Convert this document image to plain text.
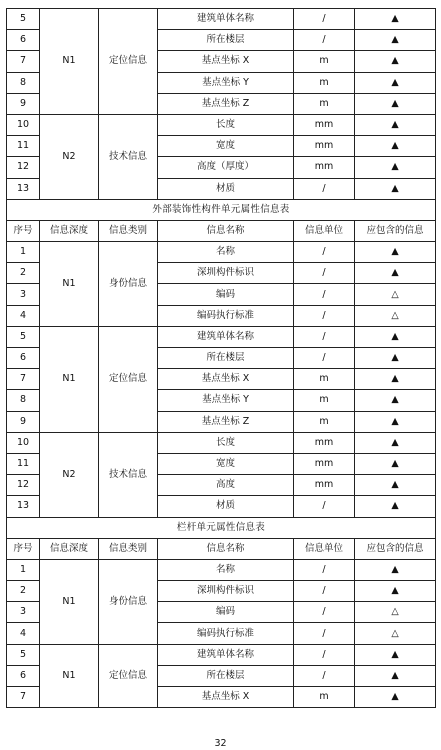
5	N1	定位信息	建筑单体名称	/	▲
6			所在楼层	/	▲
7			基点坐标 X	m	▲
8			基点坐标 Y	m	▲
9			基点坐标 Z	m	▲
10	N2	技术信息	长度	mm	▲
11			宽度	mm	▲
12			高度（厚度）	mm	▲
13			材质	/	▲
外部装饰性构件单元属性信息表					
序号	信息深度	信息类别	信息名称	信息单位	应包含的信息
1	N1	身份信息	名称	/	▲
2			深圳构件标识	/	▲
3			编码	/	△
4			编码执行标准	/	△
5	N1	定位信息	建筑单体名称	/	▲
6			所在楼层	/	▲
7			基点坐标 X	m	▲
8			基点坐标 Y	m	▲
9			基点坐标 Z	m	▲
10	N2	技术信息	长度	mm	▲
11			宽度	mm	▲
12			高度	mm	▲
13			材质	/	▲
栏杆单元属性信息表					
序号	信息深度	信息类别	信息名称	信息单位	应包含的信息
1	N1	身份信息	名称	/	▲
2			深圳构件标识	/	▲
3			编码	/	△
4			编码执行标准	/	△
5	N1	定位信息	建筑单体名称	/	▲
6			所在楼层	/	▲
7			基点坐标 X	m	▲
32
